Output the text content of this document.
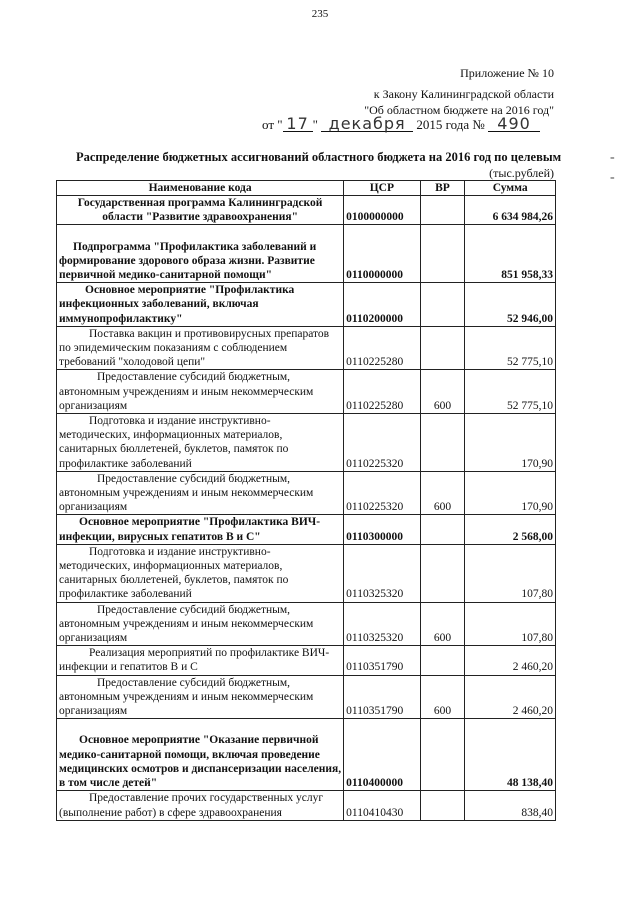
235
Приложение № 10
к Закону Калининградской области
"Об областном бюджете на 2016 год"
от " 17 " декабря 2015 года № 490
Распределение бюджетных ассигнований областного бюджета на 2016 год по целевым	-
-
(тыс.рублей)
Наименование кода	ЦСР	ВР	Сумма
Государственная программа Калининградской области "Развитие здравоохранения"	0100000000		6 634 984,26
Подпрограмма "Профилактика заболеваний и формирование здорового образа жизни. Развитие первичной медико-санитарной помощи"	0110000000		851 958,33
Основное мероприятие "Профилактика инфекционных заболеваний, включая иммунопрофилактику"	0110200000		52 946,00
Поставка вакцин и противовирусных препаратов по эпидемическим показаниям с соблюдением требований "холодовой цепи"	0110225280		52 775,10
Предоставление субсидий бюджетным, автономным учреждениям и иным некоммерческим организациям	0110225280	600	52 775,10
Подготовка и издание инструктивно-методических, информационных материалов, санитарных бюллетеней, буклетов, памяток по профилактике заболеваний	0110225320		170,90
Предоставление субсидий бюджетным, автономным учреждениям и иным некоммерческим организациям	0110225320	600	170,90
Основное мероприятие "Профилактика ВИЧ-инфекции, вирусных гепатитов В и С"	0110300000		2 568,00
Подготовка и издание инструктивно-методических, информационных материалов, санитарных бюллетеней, буклетов, памяток по профилактике заболеваний	0110325320		107,80
Предоставление субсидий бюджетным, автономным учреждениям и иным некоммерческим организациям	0110325320	600	107,80
Реализация мероприятий по профилактике ВИЧ-инфекции и гепатитов В и С	0110351790		2 460,20
Предоставление субсидий бюджетным, автономным учреждениям и иным некоммерческим организациям	0110351790	600	2 460,20
Основное мероприятие "Оказание первичной медико-санитарной помощи, включая проведение медицинских осмотров и диспансеризации населения, в том числе детей"	0110400000		48 138,40
Предоставление прочих государственных услуг (выполнение работ) в сфере здравоохранения	0110410430		838,40
